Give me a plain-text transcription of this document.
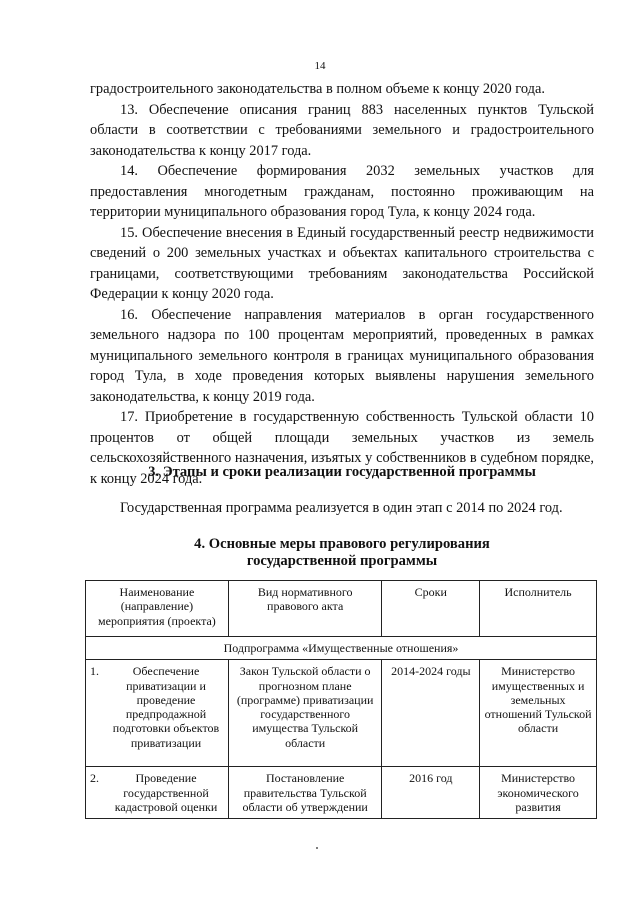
14

градостроительного законодательства в полном объеме к концу 2020 года.

13. Обеспечение описания границ 883 населенных пунктов Тульской области в соответствии с требованиями земельного и градостроительного законодательства к концу 2017 года.

14. Обеспечение формирования 2032 земельных участков для предоставления многодетным гражданам, постоянно проживающим на территории муниципального образования город Тула, к концу 2024 года.

15. Обеспечение внесения в Единый государственный реестр недвижимости сведений о 200 земельных участках и объектах капитального строительства с границами, соответствующими требованиям законодательства Российской Федерации к концу 2020 года.

16. Обеспечение направления материалов в орган государственного земельного надзора по 100 процентам мероприятий, проведенных в рамках муниципального земельного контроля в границах муниципального образования город Тула, в ходе проведения которых выявлены нарушения земельного законодательства, к концу 2019 года.

17. Приобретение в государственную собственность Тульской области 10 процентов от общей площади земельных участков из земель сельскохозяйственного назначения, изъятых у собственников в судебном порядке, к концу 2024 года.

3. Этапы и сроки реализации государственной программы

Государственная программа реализуется в один этап с 2014 по 2024 год.

4. Основные меры правового регулирования
государственной программы
Наименование (направление) мероприятия (проекта)	Вид нормативного правового акта	Сроки	Исполнитель
Подпрограмма «Имущественные отношения»			
1. Обеспечение приватизации и проведение предпродажной подготовки объектов приватизации	Закон Тульской области о прогнозном плане (программе) приватизации государственного имущества Тульской области	2014-2024 годы	Министерство имущественных и земельных отношений Тульской области
2. Проведение государственной кадастровой оценки	Постановление правительства Тульской области об утверждении	2016 год	Министерство экономического развития
